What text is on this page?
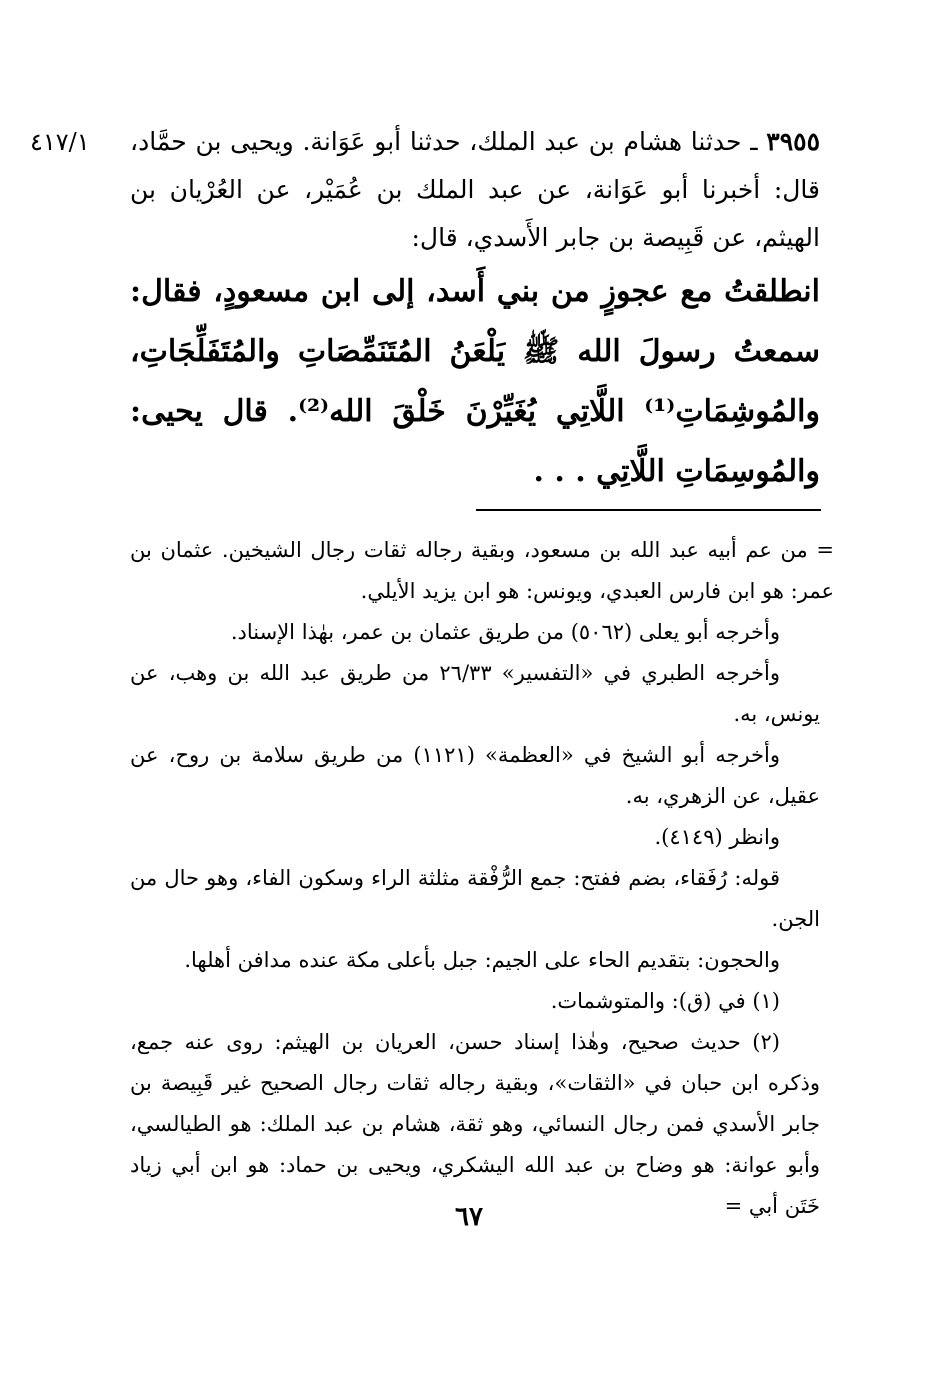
٤١٧/١	٣٩٥٥ ـ حدثنا هشام بن عبد الملك، حدثنا أبو عَوَانة. ويحيى بن حمَّاد، قال: أخبرنا أبو عَوَانة، عن عبد الملك بن عُمَيْر، عن العُرْيان بن الهيثم، عن قَبِيصة بن جابر الأَسدي، قال:
انطلقتُ مع عجوزٍ من بني أَسد، إلى ابن مسعودٍ، فقال: سمعتُ رسولَ الله ﷺ يَلْعَنُ المُتَنَمِّصَاتِ والمُتَفَلِّجَاتِ، والمُوشِمَاتِ⁽¹⁾ اللَّاتِي يُغَيِّرْنَ خَلْقَ الله⁽²⁾. قال يحيى: والمُوسِمَاتِ اللَّاتِي . . .

= من عم أبيه عبد الله بن مسعود، وبقية رجاله ثقات رجال الشيخين. عثمان بن عمر: هو ابن فارس العبدي، ويونس: هو ابن يزيد الأيلي.

وأخرجه أبو يعلى (٥٠٦٢) من طريق عثمان بن عمر، بهٰذا الإسناد.

وأخرجه الطبري في «التفسير» ٢٦/٣٣ من طريق عبد الله بن وهب، عن يونس، به.

وأخرجه أبو الشيخ في «العظمة» (١١٢١) من طريق سلامة بن روح، عن عقيل، عن الزهري، به.

وانظر (٤١٤٩).

قوله: رُفَقاء، بضم ففتح: جمع الرُّفْقة مثلثة الراء وسكون الفاء، وهو حال من الجن.

والحجون: بتقديم الحاء على الجيم: جبل بأعلى مكة عنده مدافن أهلها.

(١) في (ق): والمتوشمات.

(٢) حديث صحيح، وهٰذا إسناد حسن، العريان بن الهيثم: روى عنه جمع، وذكره ابن حبان في «الثقات»، وبقية رجاله ثقات رجال الصحيح غير قَبِيصة بن جابر الأسدي فمن رجال النسائي، وهو ثقة، هشام بن عبد الملك: هو الطيالسي، وأبو عوانة: هو وضاح بن عبد الله اليشكري، ويحيى بن حماد: هو ابن أبي زياد خَتَن أبي =

٦٧
